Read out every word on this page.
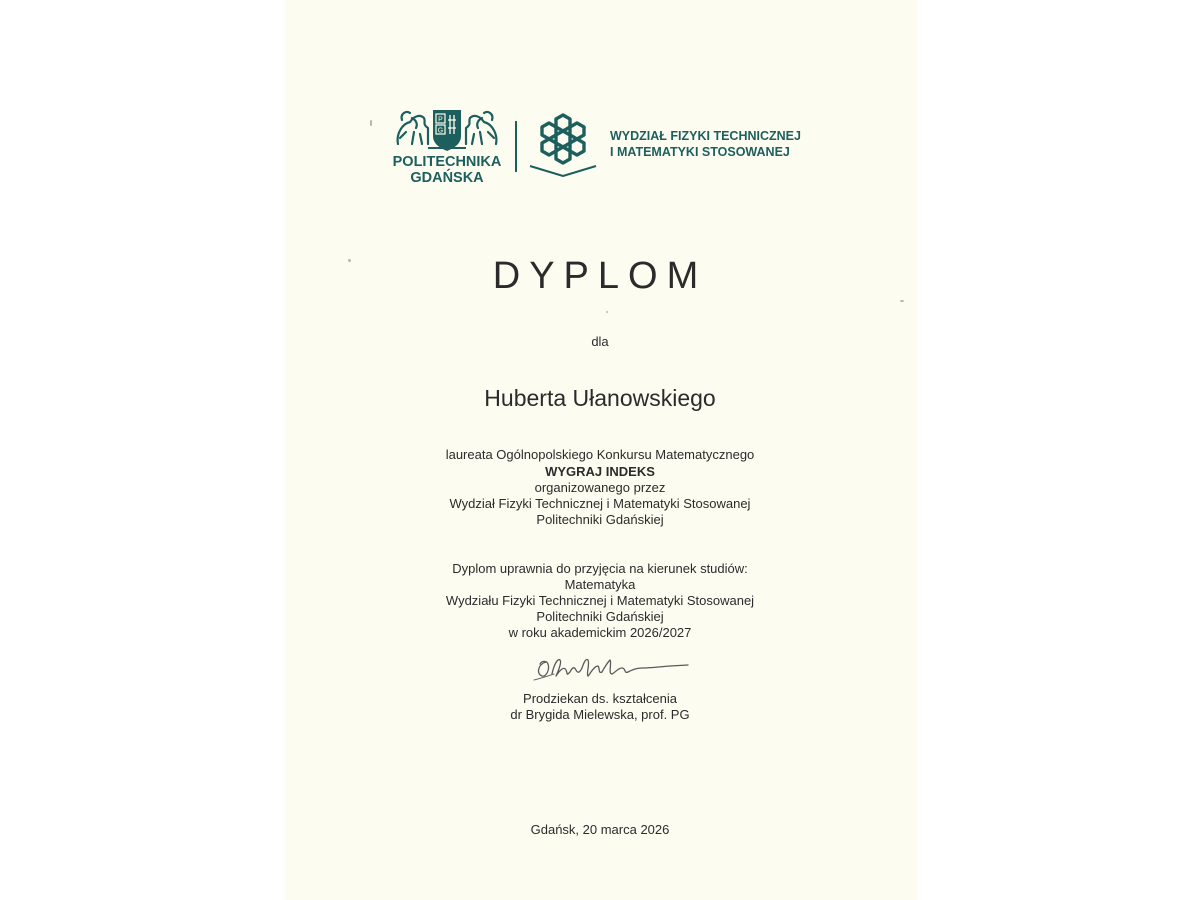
P
G
POLITECHNIKA
GDAŃSKA
WYDZIAŁ FIZYKI TECHNICZNEJ
I MATEMATYKI STOSOWANEJ
DYPLOM
dla
Huberta Ułanowskiego
laureata Ogólnopolskiego Konkursu Matematycznego
WYGRAJ INDEKS
organizowanego przez
Wydział Fizyki Technicznej i Matematyki Stosowanej
Politechniki Gdańskiej
Dyplom uprawnia do przyjęcia na kierunek studiów:
Matematyka
Wydziału Fizyki Technicznej i Matematyki Stosowanej
Politechniki Gdańskiej
w roku akademickim 2026/2027
Prodziekan ds. kształcenia
dr Brygida Mielewska, prof. PG
Gdańsk, 20 marca 2026
